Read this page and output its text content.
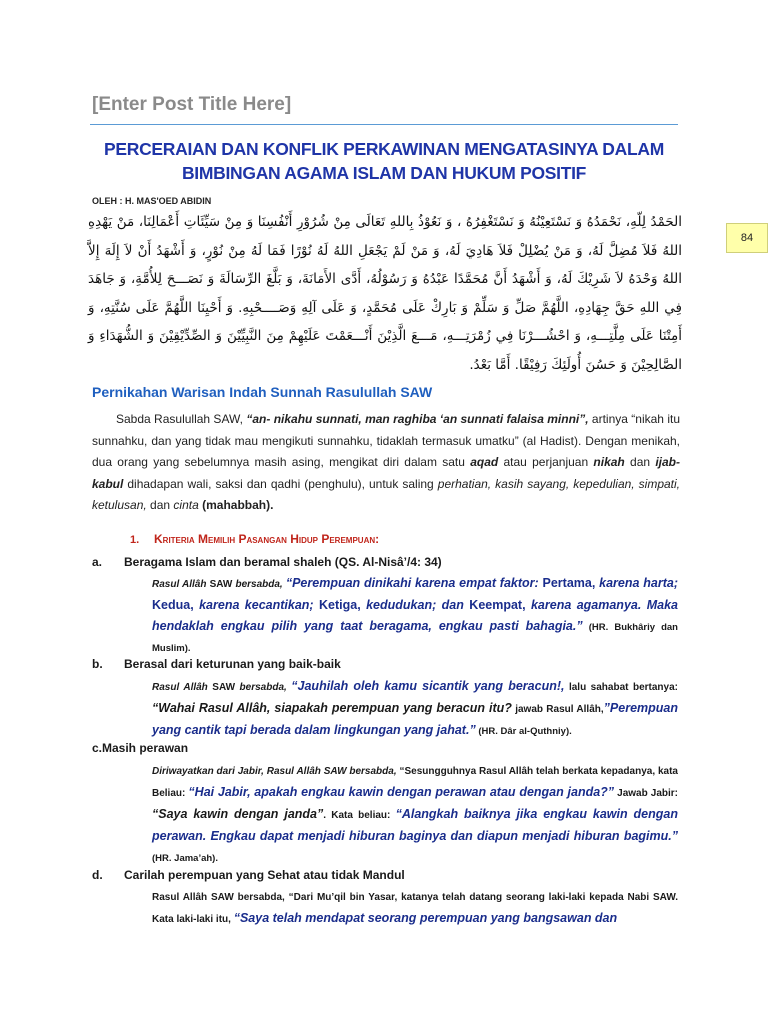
[Enter Post Title Here]
PERCERAIAN DAN KONFLIK PERKAWINAN MENGATASINYA DALAM
BIMBINGAN AGAMA ISLAM DAN HUKUM POSITIF
OLEH : H. MAS'OED ABIDIN
84
الحَمْدُ لِلّهِ، نَحْمَدُهُ وَ نَسْتَعِيْنُهُ وَ نَسْتَغْفِرُهُ ، وَ نَعُوْذُ بِاللهِ تَعَالَى مِنْ شُرُوْرِ أَنْفُسِنَا وَ مِنْ سَيِّئَاتِ أَعْمَالِنَا، مَنْ يَهْدِهِ اللهُ فَلاَ مُضِلَّ لَهُ، وَ مَنْ يُضْلِلْ فَلاَ هَادِيَ لَهُ، وَ مَنْ لَمْ يَجْعَلِ اللهُ لَهُ نُوْرًا فَمَا لَهُ مِنْ نُوْرٍ، وَ أَشْهَدُ أَنْ لاَ إِلَهَ إِلاَّ اللهُ وَحْدَهُ لاَ شَرِيْكَ لَهُ، وَ أَشْهَدُ أَنَّ مُحَمَّدًا عَبْدُهُ وَ رَسُوْلُهُ، أَدَّى الأَمَانَةَ، وَ بَلَّغَ الرِّسَالَةَ وَ نَصَـــحَ لِلأُمَّةِ، وَ جَاهَدَ فِي اللهِ حَقَّ جِهَادِهِ، اللَّهُمَّ صَلِّ وَ سَلِّمْ وَ بَارِكْ عَلَى مُحَمَّدٍ، وَ عَلَى آلِهِ وَصَــــحْبِهِ. وَ أَحْيِنَا اللَّهُمَّ عَلَى سُنَّتِهِ، وَ أَمِتْنَا عَلَى مِلَّتِـــهِ، وَ احْشُـــرْنَا فِي زُمْرَتِـــهِ، مَـــعَ الَّذِيْنَ أَنْـــعَمْتَ عَلَيْهِمْ مِنَ النَّبِيِّيْنَ وَ الصِّدِّيْقِيْنَ وَ الشُّهَدَاءِ وَ الصَّالِحِيْنَ وَ حَسُنَ أُولَئِكَ رَفِيْقًا. أَمَّا بَعْدُ.
Pernikahan Warisan Indah Sunnah Rasulullah SAW
Sabda Rasulullah SAW, “an- nikahu sunnati, man raghiba ‘an sunnati falaisa minni”, artinya “nikah itu sunnahku, dan yang tidak mau mengikuti sunnahku, tidaklah termasuk umatku” (al Hadist). Dengan menikah, dua orang yang sebelumnya masih asing, mengikat diri dalam satu aqad atau perjanjuan nikah dan ijab-kabul dihadapan wali, saksi dan qadhi (penghulu), untuk saling perhatian, kasih sayang, kepedulian, simpati, ketulusan, dan cinta (mahabbah).
1. Kriteria Memilih Pasangan Hidup Perempuan:
a. Beragama Islam dan beramal shaleh (QS. Al-Nisâ’/4: 34)
Rasul Allâh SAW bersabda, “Perempuan dinikahi karena empat faktor: Pertama, karena harta; Kedua, karena kecantikan; Ketiga, kedudukan; dan Keempat, karena agamanya. Maka hendaklah engkau pilih yang taat beragama, engkau pasti bahagia.” (HR. Bukhâriy dan Muslim).
b. Berasal dari keturunan yang baik-baik
Rasul Allâh SAW bersabda, “Jauhilah oleh kamu sicantik yang beracun!, lalu sahabat bertanya: “Wahai Rasul Allâh, siapakah perempuan yang beracun itu? jawab Rasul Allâh,”Perempuan yang cantik tapi berada dalam lingkungan yang jahat.” (HR. Dâr al-Quthniy).
c.Masih perawan
Diriwayatkan dari Jabir, Rasul Allâh SAW bersabda, “Sesungguhnya Rasul Allâh telah berkata kepadanya, kata Beliau: “Hai Jabir, apakah engkau kawin dengan perawan atau dengan janda?” Jawab Jabir: “Saya kawin dengan janda”. Kata beliau: “Alangkah baiknya jika engkau kawin dengan perawan. Engkau dapat menjadi hiburan baginya dan diapun menjadi hiburan bagimu.” (HR. Jama’ah).
d. Carilah perempuan yang Sehat atau tidak Mandul
Rasul Allâh SAW bersabda, “Dari Mu’qil bin Yasar, katanya telah datang seorang laki-laki kepada Nabi SAW. Kata laki-laki itu, “Saya telah mendapat seorang perempuan yang bangsawan dan
